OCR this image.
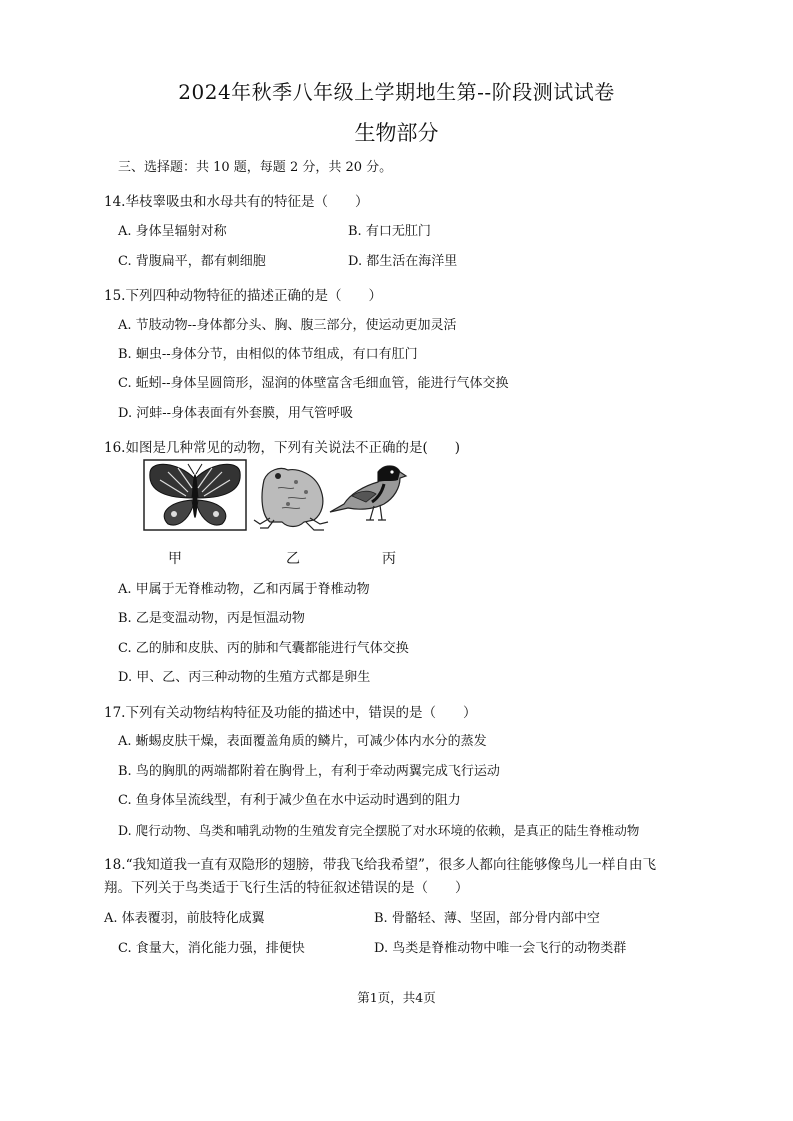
2024年秋季八年级上学期地生第--阶段测试试卷
生物部分
三、选择题：共 10 题，每题 2 分，共 20 分。
14.华枝睾吸虫和水母共有的特征是（　　）
A. 身体呈辐射对称	B. 有口无肛门
C. 背腹扁平，都有刺细胞	D. 都生活在海洋里
15.下列四种动物特征的描述正确的是（　　）
A. 节肢动物--身体都分头、胸、腹三部分，使运动更加灵活
B. 蛔虫--身体分节，由相似的体节组成，有口有肛门
C. 蚯蚓--身体呈圆筒形，湿润的体壁富含毛细血管，能进行气体交换
D. 河蚌--身体表面有外套膜，用气管呼吸
16.如图是几种常见的动物，下列有关说法不正确的是(　　)
甲	乙	丙
A. 甲属于无脊椎动物，乙和丙属于脊椎动物
B. 乙是变温动物，丙是恒温动物
C. 乙的肺和皮肤、丙的肺和气囊都能进行气体交换
D. 甲、乙、丙三种动物的生殖方式都是卵生
17.下列有关动物结构特征及功能的描述中，错误的是（　　）
A. 蜥蜴皮肤干燥，表面覆盖角质的鳞片，可减少体内水分的蒸发
B. 鸟的胸肌的两端都附着在胸骨上，有利于牵动两翼完成飞行运动
C. 鱼身体呈流线型，有利于减少鱼在水中运动时遇到的阻力
D. 爬行动物、鸟类和哺乳动物的生殖发育完全摆脱了对水环境的依赖，是真正的陆生脊椎动物
18.“我知道我一直有双隐形的翅膀，带我飞给我希望”，很多人都向往能够像鸟儿一样自由飞
翔。下列关于鸟类适于飞行生活的特征叙述错误的是（　　）
A. 体表覆羽，前肢特化成翼	B. 骨骼轻、薄、坚固，部分骨内部中空
C. 食量大，消化能力强，排便快	D. 鸟类是脊椎动物中唯一会飞行的动物类群
第1页，共4页
